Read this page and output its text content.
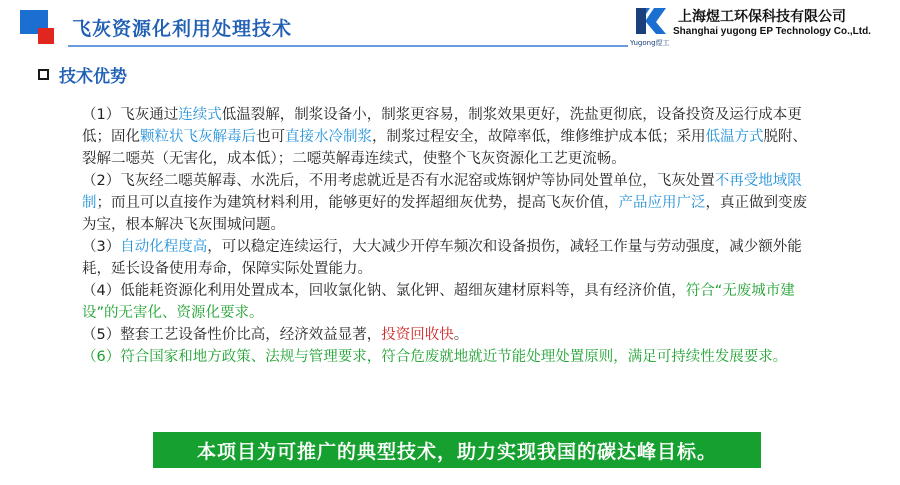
飞灰资源化利用处理技术
Yugong煜工
上海煜工环保科技有限公司
Shanghai yugong EP Technology Co.,Ltd.
技术优势

（1）飞灰通过连续式低温裂解，制浆设备小，制浆更容易，制浆效果更好，洗盐更彻底，设备投资及运行成本更低；固化颗粒状飞灰解毒后也可直接水冷制浆，制浆过程安全，故障率低，维修维护成本低；采用低温方式脱附、裂解二噁英（无害化，成本低）；二噁英解毒连续式，使整个飞灰资源化工艺更流畅。

（2）飞灰经二噁英解毒、水洗后，不用考虑就近是否有水泥窑或炼钢炉等协同处置单位，飞灰处置不再受地域限制；而且可以直接作为建筑材料利用，能够更好的发挥超细灰优势，提高飞灰价值，产品应用广泛，真正做到变废为宝，根本解决飞灰围城问题。

（3）自动化程度高，可以稳定连续运行，大大减少开停车频次和设备损伤，减轻工作量与劳动强度，减少额外能耗，延长设备使用寿命，保障实际处置能力。

（4）低能耗资源化利用处置成本，回收氯化钠、氯化钾、超细灰建材原料等，具有经济价值，符合“无废城市建设”的无害化、资源化要求。

（5）整套工艺设备性价比高，经济效益显著，投资回收快。

（6）符合国家和地方政策、法规与管理要求，符合危废就地就近节能处理处置原则，满足可持续性发展要求。

本项目为可推广的典型技术，助力实现我国的碳达峰目标。
